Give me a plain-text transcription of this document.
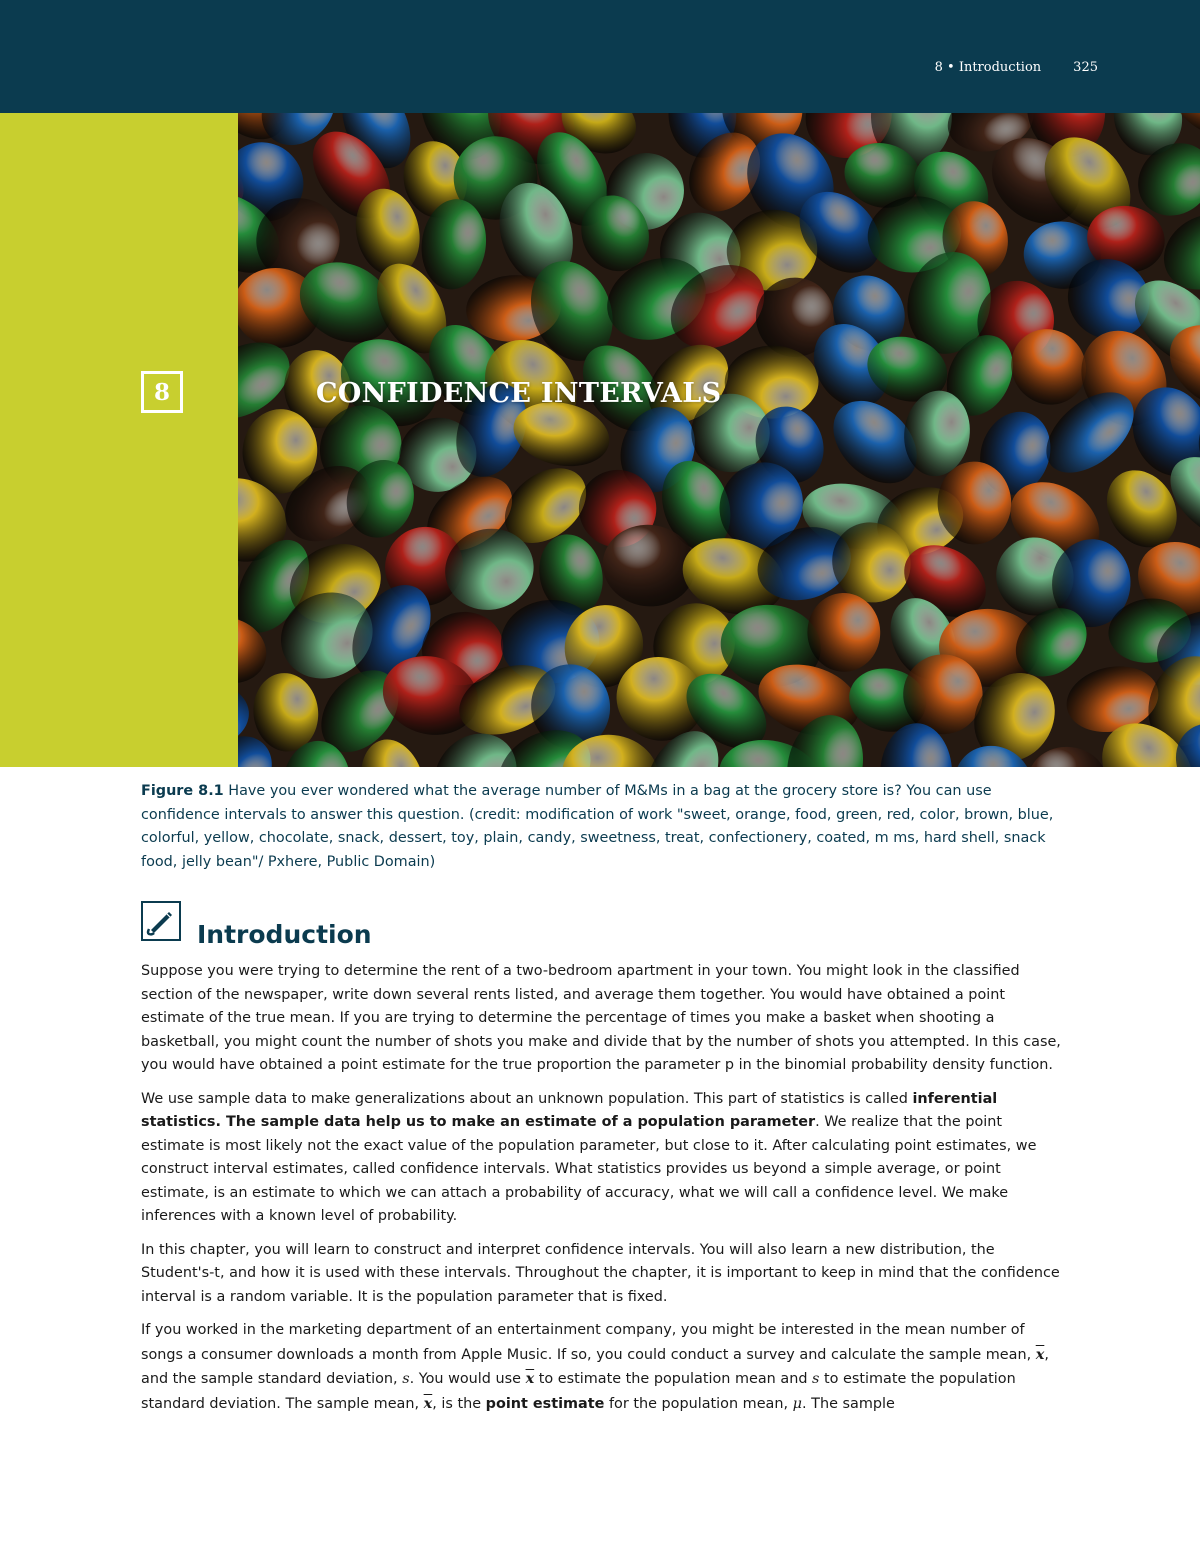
8 • Introduction 325
8	CONFIDENCE INTERVALS
Figure 8.1 Have you ever wondered what the average number of M&Ms in a bag at the grocery store is? You can use confidence intervals to answer this question. (credit: modification of work "sweet, orange, food, green, red, color, brown, blue, colorful, yellow, chocolate, snack, dessert, toy, plain, candy, sweetness, treat, confectionery, coated, m ms, hard shell, snack food, jelly bean"/ Pxhere, Public Domain)
Introduction

Suppose you were trying to determine the rent of a two-bedroom apartment in your town. You might look in the classified section of the newspaper, write down several rents listed, and average them together. You would have obtained a point estimate of the true mean. If you are trying to determine the percentage of times you make a basket when shooting a basketball, you might count the number of shots you make and divide that by the number of shots you attempted. In this case, you would have obtained a point estimate for the true proportion the parameter p in the binomial probability density function.

We use sample data to make generalizations about an unknown population. This part of statistics is called inferential statistics. The sample data help us to make an estimate of a population parameter. We realize that the point estimate is most likely not the exact value of the population parameter, but close to it. After calculating point estimates, we construct interval estimates, called confidence intervals. What statistics provides us beyond a simple average, or point estimate, is an estimate to which we can attach a probability of accuracy, what we will call a confidence level. We make inferences with a known level of probability.

In this chapter, you will learn to construct and interpret confidence intervals. You will also learn a new distribution, the Student's-t, and how it is used with these intervals. Throughout the chapter, it is important to keep in mind that the confidence interval is a random variable. It is the population parameter that is fixed.

If you worked in the marketing department of an entertainment company, you might be interested in the mean number of songs a consumer downloads a month from Apple Music. If so, you could conduct a survey and calculate the sample mean, $\overline{x}$, and the sample standard deviation, s. You would use $\overline{x}$ to estimate the population mean and s to estimate the population standard deviation. The sample mean, $\overline{x}$, is the point estimate for the population mean, μ. The sample
